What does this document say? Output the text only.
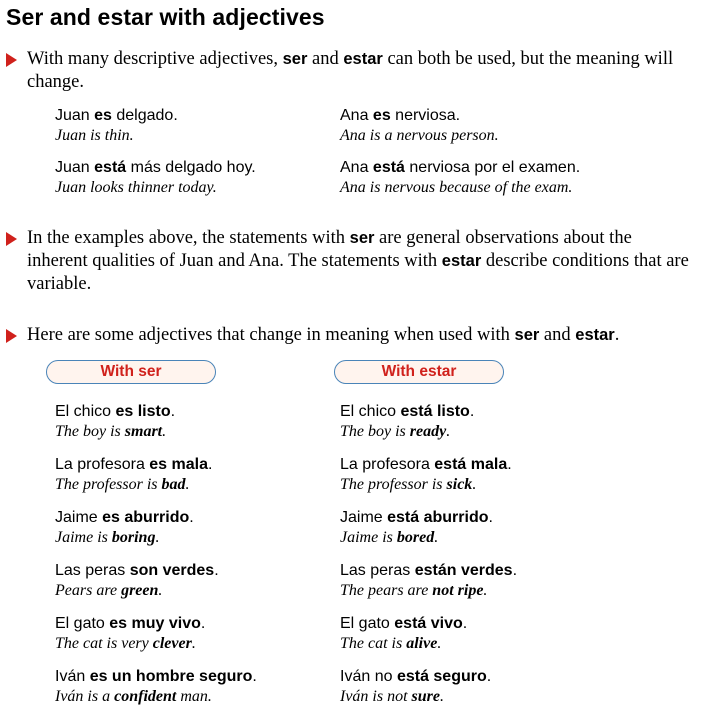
Ser and estar with adjectives
With many descriptive adjectives, ser and estar can both be used, but the meaning will change.
Juan es delgado.
Juan is thin.
Ana es nerviosa.
Ana is a nervous person.
Juan está más delgado hoy.
Juan looks thinner today.
Ana está nerviosa por el examen.
Ana is nervous because of the exam.
In the examples above, the statements with ser are general observations about the inherent qualities of Juan and Ana. The statements with estar describe conditions that are variable.
Here are some adjectives that change in meaning when used with ser and estar.
With ser	With estar
El chico es listo.
The boy is smart.
La profesora es mala.
The professor is bad.
Jaime es aburrido.
Jaime is boring.
Las peras son verdes.
Pears are green.
El gato es muy vivo.
The cat is very clever.
Iván es un hombre seguro.
Iván is a confident man.
El chico está listo.
The boy is ready.
La profesora está mala.
The professor is sick.
Jaime está aburrido.
Jaime is bored.
Las peras están verdes.
The pears are not ripe.
El gato está vivo.
The cat is alive.
Iván no está seguro.
Iván is not sure.
